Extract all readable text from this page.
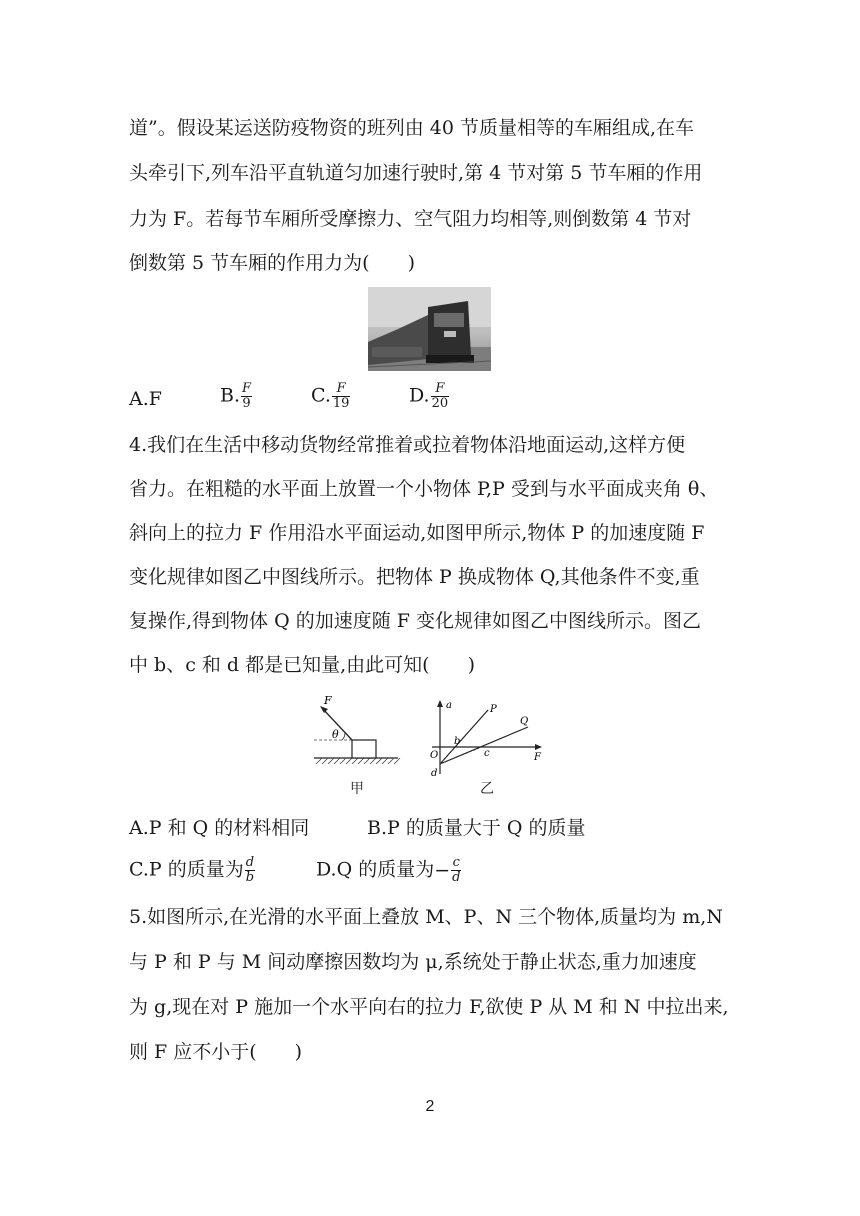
道”。假设某运送防疫物资的班列由 40 节质量相等的车厢组成,在车
头牵引下,列车沿平直轨道匀加速行驶时,第 4 节对第 5 节车厢的作用
力为 F。若每节车厢所受摩擦力、空气阻力均相等,则倒数第 4 节对
倒数第 5 节车厢的作用力为(　　)
A.F	B. $\frac{F}{9}$	C. $\frac{F}{19}$	D. $\frac{F}{20}$
4.我们在生活中移动货物经常推着或拉着物体沿地面运动,这样方便
省力。在粗糙的水平面上放置一个小物体 P,P 受到与水平面成夹角 θ、
斜向上的拉力 F 作用沿水平面运动,如图甲所示,物体 P 的加速度随 F
变化规律如图乙中图线所示。把物体 P 换成物体 Q,其他条件不变,重
复操作,得到物体 Q 的加速度随 F 变化规律如图乙中图线所示。图乙
中 b、c 和 d 都是已知量,由此可知(　　)
F
θ
甲
a
F
O
P
Q
b
c
d
乙
A.P 和 Q 的材料相同	B.P 的质量大于 Q 的质量
C.P 的质量为 $\frac{d}{b}$	D.Q 的质量为− $\frac{c}{d}$
5.如图所示,在光滑的水平面上叠放 M、P、N 三个物体,质量均为 m,N
与 P 和 P 与 M 间动摩擦因数均为 μ,系统处于静止状态,重力加速度
为 g,现在对 P 施加一个水平向右的拉力 F,欲使 P 从 M 和 N 中拉出来,
则 F 应不小于(　　)
2
